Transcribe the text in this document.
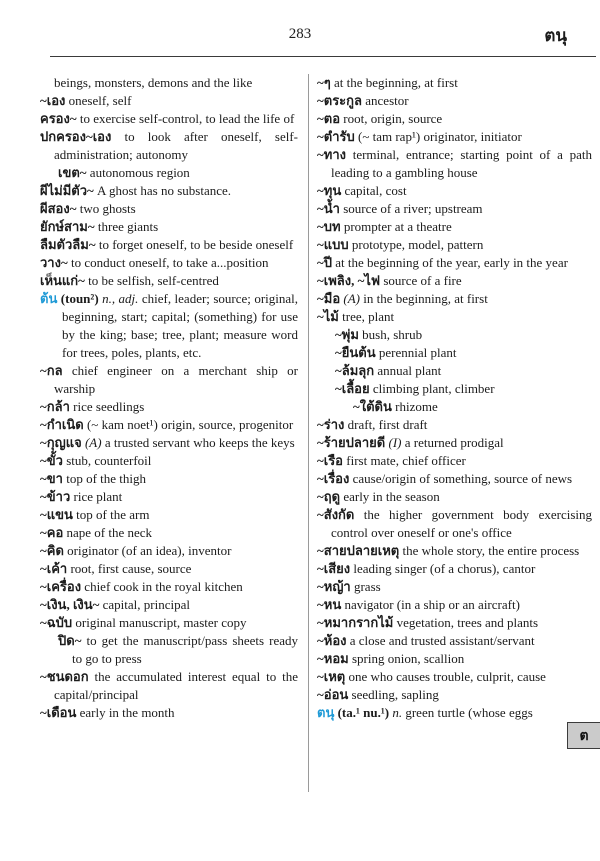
283	ตนุ
beings, monsters, demons and the like
~เอง oneself, self
ครอง~ to exercise self-control, to lead the life of
ปกครอง~เอง to look after oneself, self-administration; autonomy
เขต~ autonomous region
ผีไม่มีตัว~ A ghost has no substance.
ผีสอง~ two ghosts
ยักษ์สาม~ three giants
ลืมตัวลืม~ to forget oneself, to be beside oneself
วาง~ to conduct oneself, to take a...position
เห็นแก่~ to be selfish, self-centred
ต้น (toun²) n., adj. chief, leader; source; original, beginning, start; capital; (something) for use by the king; base; tree, plant; measure word for trees, poles, plants, etc.
~กล chief engineer on a merchant ship or warship
~กล้า rice seedlings
~กำเนิด (~ kam noet¹) origin, source, progenitor
~กุญแจ (A) a trusted servant who keeps the keys
~ขั้ว stub, counterfoil
~ขา top of the thigh
~ข้าว rice plant
~แขน top of the arm
~คอ nape of the neck
~คิด originator (of an idea), inventor
~เค้า root, first cause, source
~เครื่อง chief cook in the royal kitchen
~เงิน, เงิน~ capital, principal
~ฉบับ original manuscript, master copy
ปิด~ to get the manuscript/pass sheets ready to go to press
~ชนดอก the accumulated interest equal to the capital/principal
~เดือน early in the month
~ๆ at the beginning, at first
~ตระกูล ancestor
~ตอ root, origin, source
~ตำรับ (~ tam rap¹) originator, initiator
~ทาง terminal, entrance; starting point of a path leading to a gambling house
~ทุน capital, cost
~น้ำ source of a river; upstream
~บท prompter at a theatre
~แบบ prototype, model, pattern
~ปี at the beginning of the year, early in the year
~เพลิง, ~ไฟ source of a fire
~มือ (A) in the beginning, at first
~ไม้ tree, plant
~พุ่ม bush, shrub
~ยืนต้น perennial plant
~ล้มลุก annual plant
~เลื้อย climbing plant, climber
~ใต้ดิน rhizome
~ร่าง draft, first draft
~ร้ายปลายดี (I) a returned prodigal
~เรือ first mate, chief officer
~เรื่อง cause/origin of something, source of news
~ฤดู early in the season
~สังกัด the higher government body exercising control over oneself or one's office
~สายปลายเหตุ the whole story, the entire process
~เสียง leading singer (of a chorus), cantor
~หญ้า grass
~หน navigator (in a ship or an aircraft)
~หมากรากไม้ vegetation, trees and plants
~ห้อง a close and trusted assistant/servant
~หอม spring onion, scallion
~เหตุ one who causes trouble, culprit, cause
~อ่อน seedling, sapling
ตนุ (ta.¹ nu.¹) n. green turtle (whose eggs
ต
